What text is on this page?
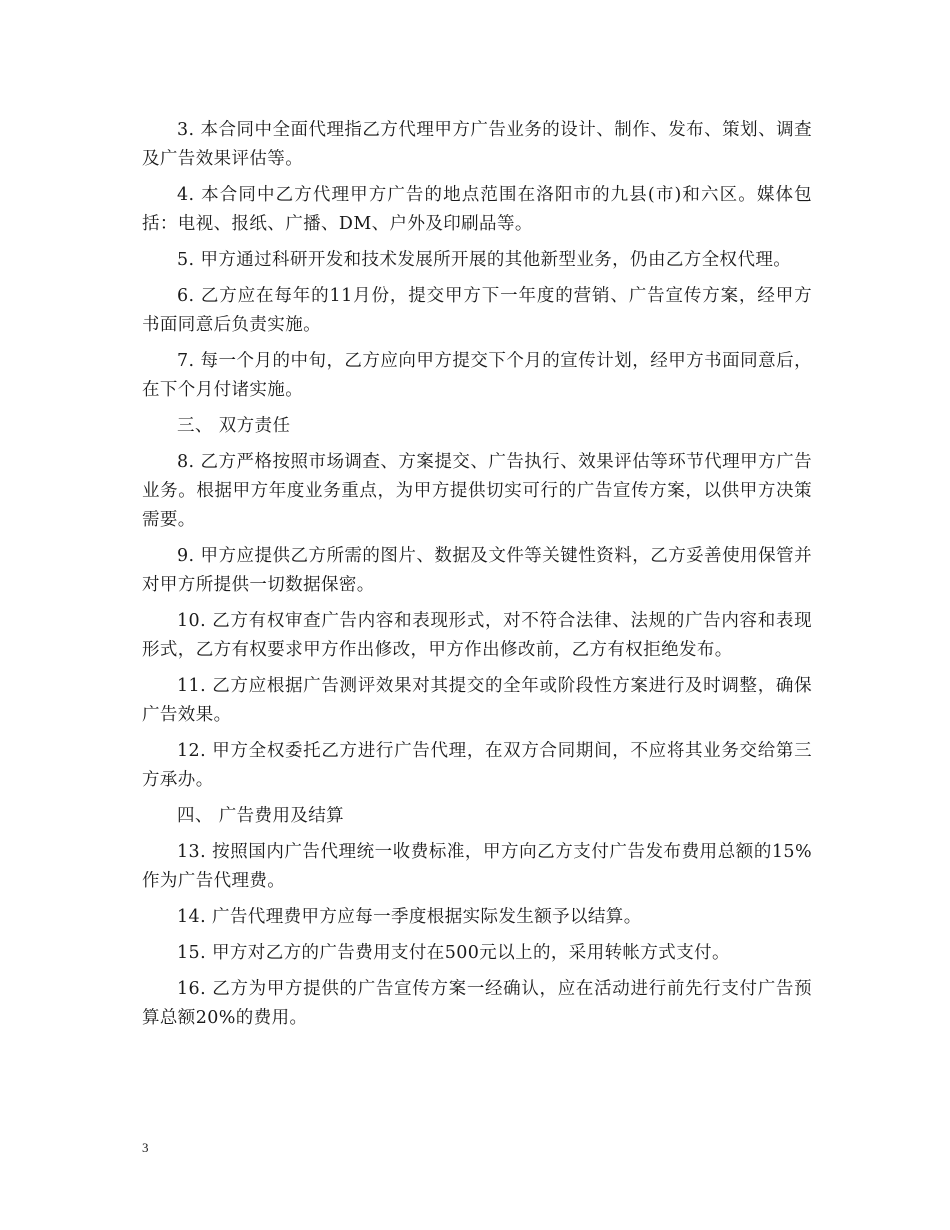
3. 本合同中全面代理指乙方代理甲方广告业务的设计、制作、发布、策划、调查及广告效果评估等。

4. 本合同中乙方代理甲方广告的地点范围在洛阳市的九县(市)和六区。媒体包括：电视、报纸、广播、DM、户外及印刷品等。

5. 甲方通过科研开发和技术发展所开展的其他新型业务，仍由乙方全权代理。

6. 乙方应在每年的11月份，提交甲方下一年度的营销、广告宣传方案，经甲方书面同意后负责实施。

7. 每一个月的中旬，乙方应向甲方提交下个月的宣传计划，经甲方书面同意后，在下个月付诸实施。

三、 双方责任

8. 乙方严格按照市场调查、方案提交、广告执行、效果评估等环节代理甲方广告业务。根据甲方年度业务重点，为甲方提供切实可行的广告宣传方案，以供甲方决策需要。

9. 甲方应提供乙方所需的图片、数据及文件等关键性资料，乙方妥善使用保管并对甲方所提供一切数据保密。

10. 乙方有权审查广告内容和表现形式，对不符合法律、法规的广告内容和表现形式，乙方有权要求甲方作出修改，甲方作出修改前，乙方有权拒绝发布。

11. 乙方应根据广告测评效果对其提交的全年或阶段性方案进行及时调整，确保广告效果。

12. 甲方全权委托乙方进行广告代理，在双方合同期间，不应将其业务交给第三方承办。

四、 广告费用及结算

13. 按照国内广告代理统一收费标准，甲方向乙方支付广告发布费用总额的15%作为广告代理费。

14. 广告代理费甲方应每一季度根据实际发生额予以结算。

15. 甲方对乙方的广告费用支付在500元以上的，采用转帐方式支付。

16. 乙方为甲方提供的广告宣传方案一经确认，应在活动进行前先行支付广告预算总额20%的费用。

3
